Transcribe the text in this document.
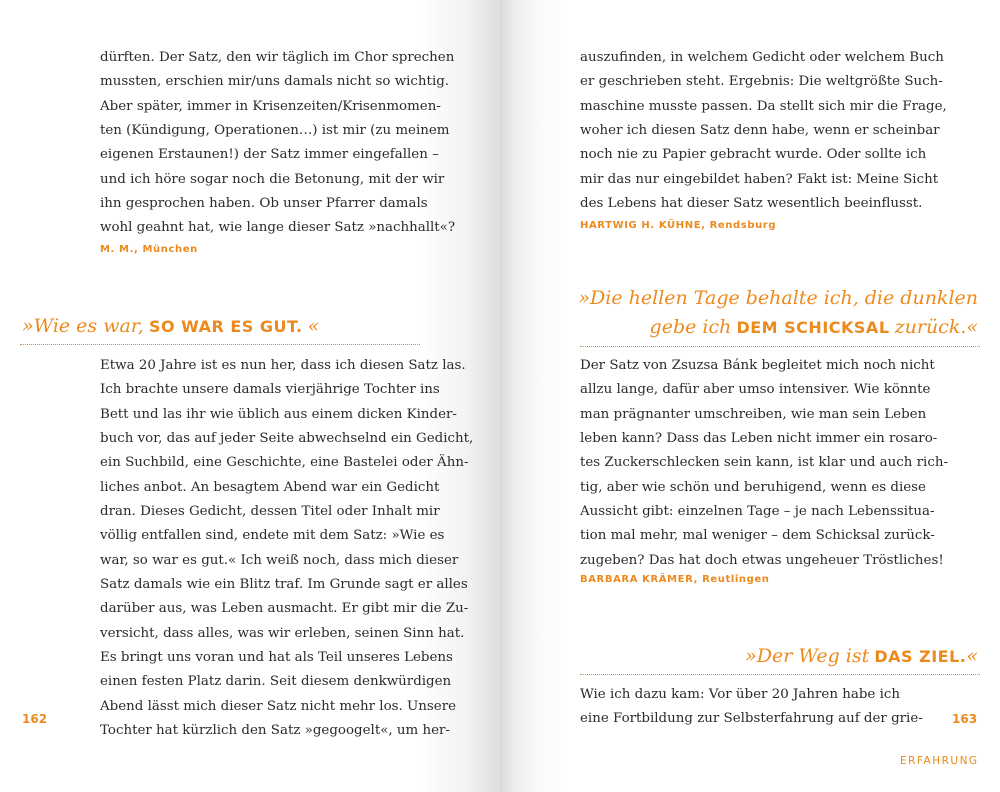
dürften. Der Satz, den wir täglich im Chor sprechen

mussten, erschien mir/uns damals nicht so wichtig.

Aber später, immer in Krisenzeiten/Krisenmomen-

ten (Kündigung, Operationen…) ist mir (zu meinem

eigenen Erstaunen!) der Satz immer eingefallen –

und ich höre sogar noch die Betonung, mit der wir

ihn gesprochen haben. Ob unser Pfarrer damals

wohl geahnt hat, wie lange dieser Satz »nachhallt«?

M. M., München
»Wie es war, SO WAR ES GUT. «

Etwa 20 Jahre ist es nun her, dass ich diesen Satz las.

Ich brachte unsere damals vierjährige Tochter ins

Bett und las ihr wie üblich aus einem dicken Kinder-

buch vor, das auf jeder Seite abwechselnd ein Gedicht,

ein Suchbild, eine Geschichte, eine Bastelei oder Ähn-

liches anbot. An besagtem Abend war ein Gedicht

dran. Dieses Gedicht, dessen Titel oder Inhalt mir

völlig entfallen sind, endete mit dem Satz: »Wie es

war, so war es gut.« Ich weiß noch, dass mich dieser

Satz damals wie ein Blitz traf. Im Grunde sagt er alles

darüber aus, was Leben ausmacht. Er gibt mir die Zu-

versicht, dass alles, was wir erleben, seinen Sinn hat.

Es bringt uns voran und hat als Teil unseres Lebens

einen festen Platz darin. Seit diesem denkwürdigen

Abend lässt mich dieser Satz nicht mehr los. Unsere

Tochter hat kürzlich den Satz »gegoogelt«, um her-

162

auszufinden, in welchem Gedicht oder welchem Buch

er geschrieben steht. Ergebnis: Die weltgrößte Such-

maschine musste passen. Da stellt sich mir die Frage,

woher ich diesen Satz denn habe, wenn er scheinbar

noch nie zu Papier gebracht wurde. Oder sollte ich

mir das nur eingebildet haben? Fakt ist: Meine Sicht

des Lebens hat dieser Satz wesentlich beeinflusst.

HARTWIG H. KÜHNE, Rendsburg
»Die hellen Tage behalte ich, die dunklen
gebe ich DEM SCHICKSAL zurück.«

Der Satz von Zsuzsa Bánk begleitet mich noch nicht

allzu lange, dafür aber umso intensiver. Wie könnte

man prägnanter umschreiben, wie man sein Leben

leben kann? Dass das Leben nicht immer ein rosaro-

tes Zuckerschlecken sein kann, ist klar und auch rich-

tig, aber wie schön und beruhigend, wenn es diese

Aussicht gibt: einzelnen Tage – je nach Lebenssitua-

tion mal mehr, mal weniger – dem Schicksal zurück-

zugeben? Das hat doch etwas ungeheuer Tröstliches!

BARBARA KRÄMER, Reutlingen
»Der Weg ist DAS ZIEL.«

Wie ich dazu kam: Vor über 20 Jahren habe ich

eine Fortbildung zur Selbsterfahrung auf der grie- 163
ERFAHRUNG
